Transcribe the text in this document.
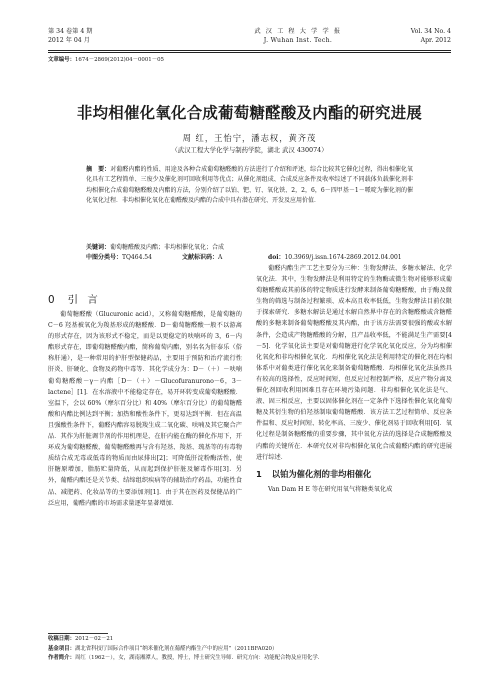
第 34 卷第 4 期
2012 年 04 月
武 汉 工 程 大 学 学 报
J. Wuhan Inst. Tech.
Vol. 34 No. 4
Apr. 2012
文章编号：1674－2869(2012)04－0001－05
非均相催化氧化合成葡萄糖醛酸及内酯的研究进展
周 红，王怡宁，潘志权，黄齐茂
（武汉工程大学化学与制药学院，湖北 武汉 430074）
摘　要：对葡醛内酯的性质、用途及各种合成葡萄糖醛酸的方法进行了介绍和评述，综合比较其它催化过程，得出相催化氧化具有工艺程简单、三废少及催化剂可回收利用等优点；从催化剂组成、合成反应条件及收率综述了不同载体负载催化剂非均相催化合成葡萄糖醛酸及内酯的方法，分别介绍了以铂、钯、钌、氧化铁、2，2，6，6－四甲基－1－哌啶为催化剂的催化氧化过程．非均相催化氧化在葡醛酸及内酯的合成中具有潜在研究、开发及应用价值．
关键词：葡萄糖醛酸及内酯；非均相催化氧化；合成
中图分类号：TQ464.54	文献标识码：A	doi：10.3969/j.issn.1674-2869.2012.04.001
0 引 言

葡萄糖醛酸（Glucuronic acid），又称葡萄糖醛酸，是葡萄糖的 C－6 羟基被氧化为羧基形成的糖醛酸．D－葡萄糖醛酸一般不以游离的形式存在，因为该形式不稳定，而是以更稳定的呋喃环的 3，6－内酯形式存在，即葡萄糖醛酸内酯，简称葡萄内酯，别名名为肝泰乐（俗称肝通），是一种常用的护肝型保健药品，主要用于预防和治疗流行性肝炎、肝硬化、食物及药物中毒等．其化学成分为：D－（＋）－呋喃葡萄糖醛酸－γ－内酯［D－（＋）－Glucofuranurono－6，3－lactene］[1]．在水溶液中不能稳定存在，易开环转变成葡萄糖醛酸．室温下，会以 60%（摩尔百分比）和 40%（摩尔百分比）的葡萄糖醛酸和内酯比例达到平衡；加热和酸性条件下，更易达到平衡．但在高温且强酸性条件下，葡醛内酯容易脱羧生成二氧化碳、呋喃及其它聚合产品．其作为肝脏调节剂的作用机理是，在肝内能在酶的催化作用下，开环成为葡萄糖醛酸，葡萄糖醛酸再与含有羟基、羧基、巯基等的有毒物质结合成无毒或低毒的物质而由尿排出[2]；可降低肝淀粉酶活性，使肝糖原增加，脂肪贮量降低，从而起到保护肝脏及解毒作用[3]．另外，葡醛内酯还是关节类、结缔组织疾病等的辅助治疗药品，功能性食品、减肥药、化妆品等的主要添加剂[1]．由于其在医药及保健品的广泛应用，葡醛内酯的市场需求量逐年显著增加．

葡醛内酯生产工艺主要分为三种：生物发酵法、多糖水解法、化学氧化法．其中，生物发酵法是利用特定的生物酶或微生物对能够形成葡萄糖醛酸或其前体的特定物质进行发酵来制备葡萄糖醛酸，由于酶及微生物的筛选与制备过程繁琐、成本高且收率低低，生物发酵法目前仅限于探索研究．多糖水解法是通过水解自然界中存在的含糖醛酸或含糖醛酸的多糖来制备葡萄糖醛酸及其内酯，由于该方法需要很强的酸或水解条件，会造成产物糖醛酸的分解，且产品收率低，不能满足生产需要[4－5]．化学氧化法主要是对葡萄糖进行化学氧化氧化反应，分为均相催化氧化和非均相催化氧化．均相催化氧化法是利用特定的催化剂在均相体系中对葡类进行催化氧化来制备葡萄糖醛酸．均相催化氧化法虽然具有较高的选择性，反应时间短，但反应过程控制严格，反应产物分离及催化剂回收利用困难且存在环境污染问题．非均相催化氧化法是气、液、固三相反应，主要以固体催化剂在一定条件下选择性催化氧化葡萄糖及其衍生物的伯羟基制取葡萄糖醛酸．该方法工艺过程简单、反应条件温和、反应时间短、转化率高、三废少、催化剂易于回收利用[6]．氧化过程是制备糖醛酸的重要步骤，其中氧化方法的选择是合成糖醛酸及内酯的关键所在．本研究仅对非均相催化氧化合成葡醛内酯的研究进展进行综述．

1 以铂为催化剂的非均相催化

Van Dam H E 等在研究用氧气将糖类氧化成

收稿日期：2012－02－21
基金项目：湖北省科技厅国际合作项目“纳米催化剂在葡醛内酯生产中的应用”（2011BFA020）
作者简介：周红（1962－），女，湖南湘潭人，教授，博士，博士研究生导师．研究方向：功能配合物及应用化学．
